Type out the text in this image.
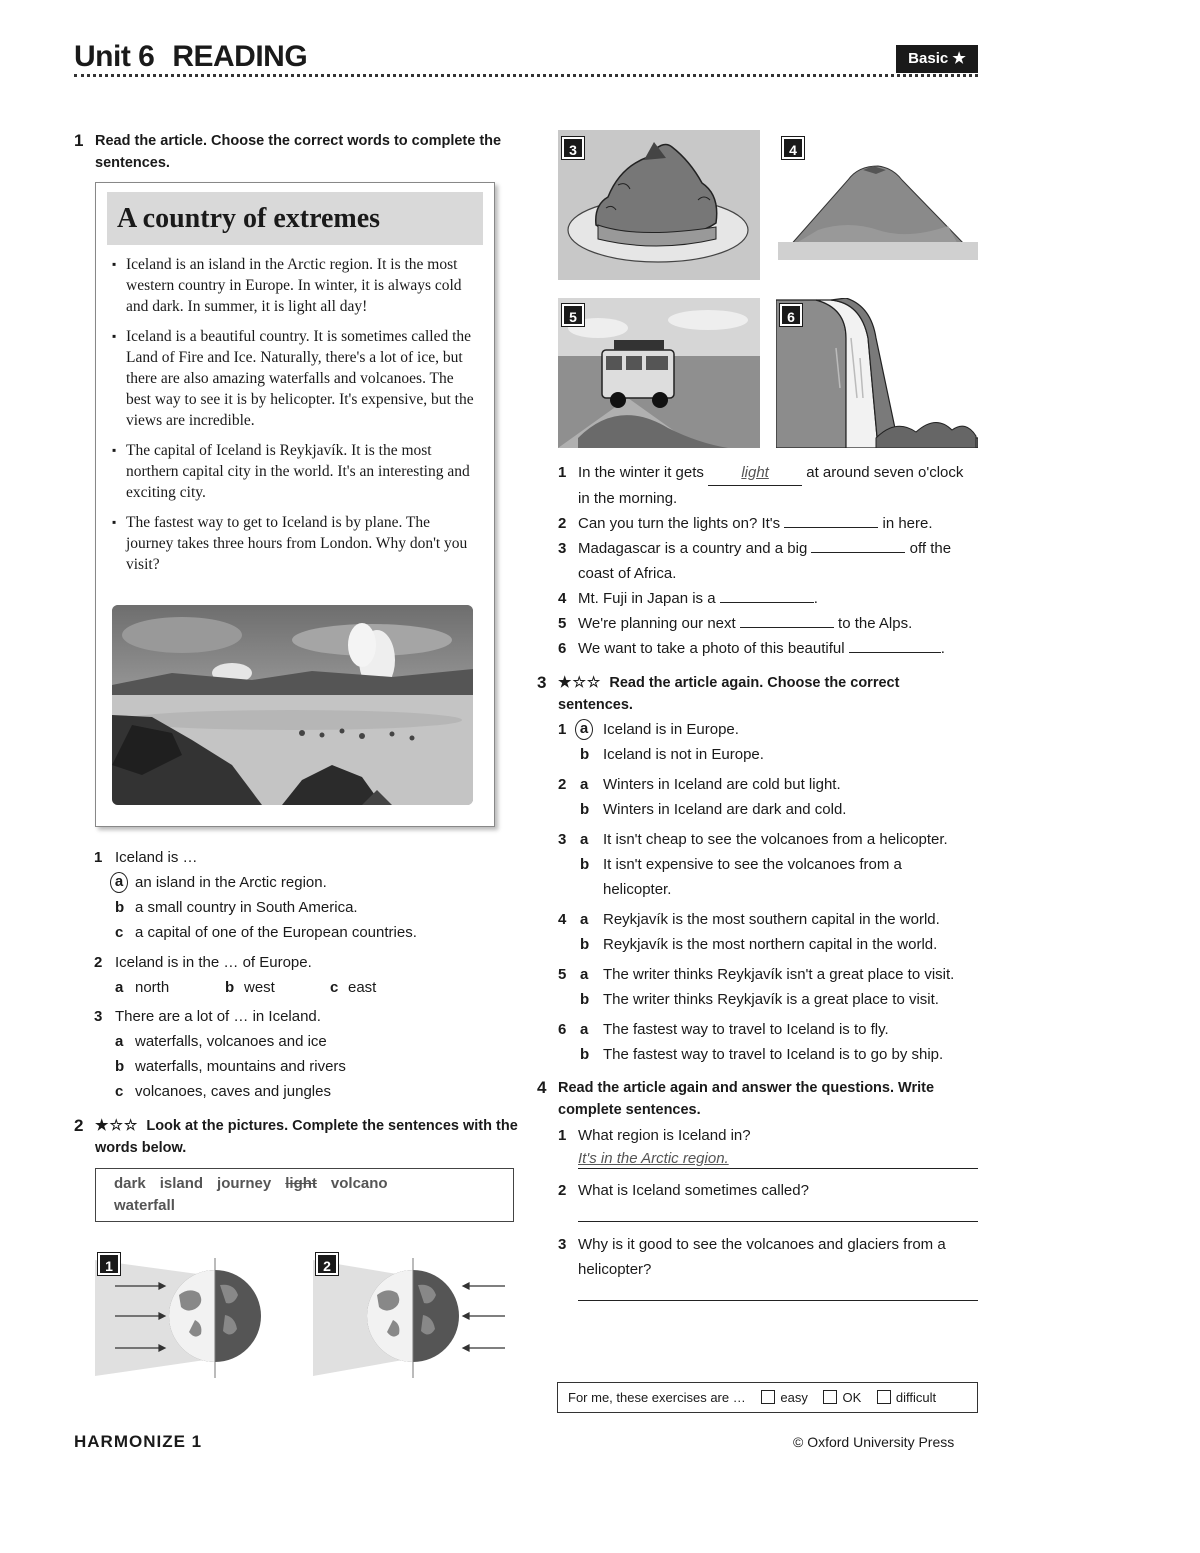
Unit 6 READING	Basic ★
1 Read the article. Choose the correct words to complete the sentences.
A country of extremes
▪ Iceland is an island in the Arctic region. It is the most western country in Europe. In winter, it is always cold and dark. In summer, it is light all day!
▪ Iceland is a beautiful country. It is sometimes called the Land of Fire and Ice. Naturally, there's a lot of ice, but there are also amazing waterfalls and volcanoes. The best way to see it is by helicopter. It's expensive, but the views are incredible.
▪ The capital of Iceland is Reykjavík. It is the most northern capital city in the world. It's an interesting and exciting city.
▪ The fastest way to get to Iceland is by plane. The journey takes three hours from London. Why don't you visit?
1 Iceland is …
a an island in the Arctic region.
b a small country in South America.
c a capital of one of the European countries.
2 Iceland is in the … of Europe.
a north	b west	c east
3 There are a lot of … in Iceland.
a waterfalls, volcanoes and ice
b waterfalls, mountains and rivers
c volcanoes, caves and jungles
2 ★☆☆ Look at the pictures. Complete the sentences with the words below.
dark island journey light volcano
waterfall
1	2
3	4
5	6
1 In the winter it gets light at around seven o'clock in the morning.
2 Can you turn the lights on? It's	in here.
3 Madagascar is a country and a big	off the coast of Africa.
4 Mt. Fuji in Japan is a	.
5 We're planning our next	to the Alps.
6 We want to take a photo of this beautiful	.
3 ★☆☆ Read the article again. Choose the correct sentences.
1 a Iceland is in Europe.
b Iceland is not in Europe.
2 a Winters in Iceland are cold but light.
b Winters in Iceland are dark and cold.
3 a It isn't cheap to see the volcanoes from a helicopter.
b It isn't expensive to see the volcanoes from a helicopter.
4 a Reykjavík is the most southern capital in the world.
b Reykjavík is the most northern capital in the world.
5 a The writer thinks Reykjavík isn't a great place to visit.
b The writer thinks Reykjavík is a great place to visit.
6 a The fastest way to travel to Iceland is to fly.
b The fastest way to travel to Iceland is to go by ship.
4 Read the article again and answer the questions. Write complete sentences.
1 What region is Iceland in?
It's in the Arctic region.
2 What is Iceland sometimes called?
3 Why is it good to see the volcanoes and glaciers from a helicopter?
For me, these exercises are …	easy	OK	difficult
HARMONIZE 1	© Oxford University Press
